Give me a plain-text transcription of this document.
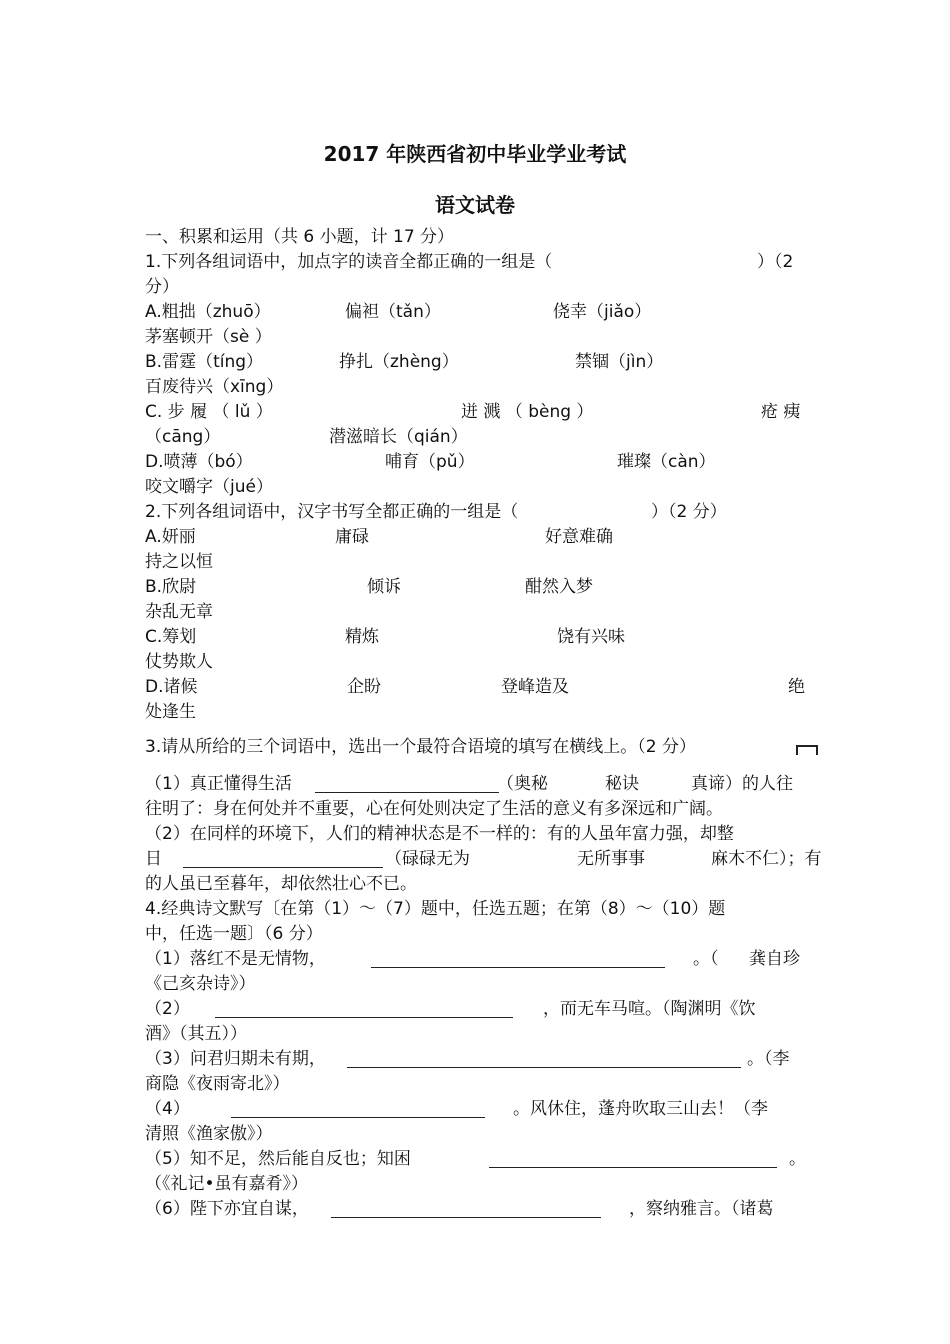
2017 年陕西省初中毕业学业考试
语文试卷
一、积累和运用（共 6 小题，计 17 分）
1.下列各组词语中，加点字的读音全都正确的一组是（	）（2
分）
A.粗拙（zhuō）	偏袒（tǎn）	侥幸（jiǎo）
茅塞顿开（sè ）
B.雷霆（tíng）	挣扎（zhèng）	禁锢（jìn）
百废待兴（xīng）
C. 步 履 （ lǔ ）	迸 溅 （ bèng ）	疮 痍
（cāng）	潜滋暗长（qián）
D.喷薄（bó）	哺育（pǔ）	璀璨（càn）
咬文嚼字（jué）
2.下列各组词语中，汉字书写全都正确的一组是（	）（2 分）
A.妍丽	庸碌	好意难确
持之以恒
B.欣尉	倾诉	酣然入梦
杂乱无章
C.筹划	精炼	饶有兴味
仗势欺人
D.诸候	企盼	登峰造及	绝
处逢生
3.请从所给的三个词语中，选出一个最符合语境的填写在横线上。（2 分）
（1）真正懂得生活	（奥秘	秘诀	真谛）的人往
往明了：身在何处并不重要，心在何处则决定了生活的意义有多深远和广阔。
（2）在同样的环境下，人们的精神状态是不一样的：有的人虽年富力强，却整
日	（碌碌无为	无所事事	麻木不仁）；有
的人虽已至暮年，却依然壮心不已。
4.经典诗文默写〔在第（1）～（7）题中，任选五题；在第（8）～（10）题
中，任选一题〕（6 分）
（1）落红不是无情物，	。（ 龚自珍
《己亥杂诗》）
（2）	，而无车马喧。（陶渊明《饮
酒》（其五））
（3）问君归期未有期，	。（李
商隐《夜雨寄北》）
（4）	。风休住，蓬舟吹取三山去！（李
清照《渔家傲》）
（5）知不足，然后能自反也；知困	。
（《礼记•虽有嘉肴》）
（6）陛下亦宜自谋，	，察纳雅言。（诸葛
